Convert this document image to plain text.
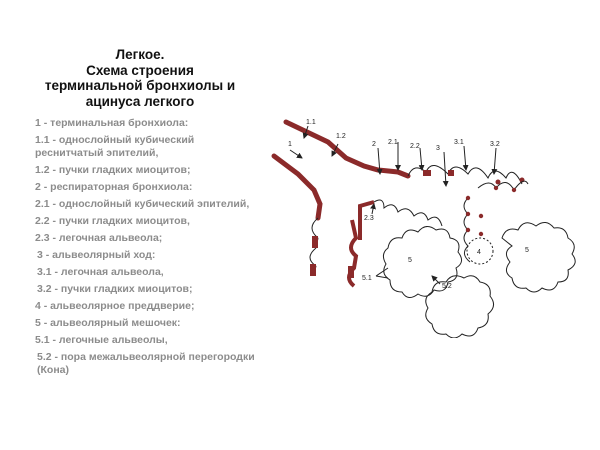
Легкое.
Схема строения
терминальной бронхиолы и
ацинуса легкого
1 - терминальная бронхиола:
1.1 - однослойный кубический реснитчатый эпителий,
1.2 - пучки гладких миоцитов;
2 - респираторная бронхиола:
2.1 - однослойный кубический эпителий,
2.2 - пучки гладких миоцитов,
2.3 - легочная альвеола;
3 - альвеолярный ход:
3.1 - легочная альвеола,
3.2 - пучки гладких миоцитов;
4 - альвеолярное преддверие;
5 - альвеолярный мешочек:
5.1 - легочные альвеолы,
5.2 - пора межальвеолярной перегородки (Кона)
1
1.1
1.2
2 2.1
2.2
2.3
3
3.1	3.2
4
5
5
5.1
5.2
